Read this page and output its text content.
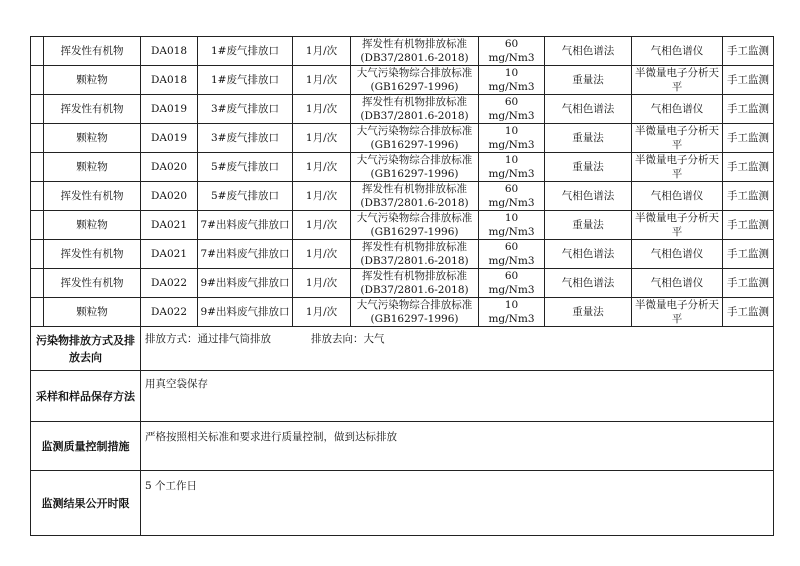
	挥发性有机物	DA018	1#废气排放口	1月/次	挥发性有机物排放标准(DB37/2801.6-2018)	60 mg/Nm3	气相色谱法	气相色谱仪	手工监测
	颗粒物	DA018	1#废气排放口	1月/次	大气污染物综合排放标准(GB16297-1996)	10 mg/Nm3	重量法	半微量电子分析天平	手工监测
	挥发性有机物	DA019	3#废气排放口	1月/次	挥发性有机物排放标准(DB37/2801.6-2018)	60 mg/Nm3	气相色谱法	气相色谱仪	手工监测
	颗粒物	DA019	3#废气排放口	1月/次	大气污染物综合排放标准(GB16297-1996)	10 mg/Nm3	重量法	半微量电子分析天平	手工监测
	颗粒物	DA020	5#废气排放口	1月/次	大气污染物综合排放标准(GB16297-1996)	10 mg/Nm3	重量法	半微量电子分析天平	手工监测
	挥发性有机物	DA020	5#废气排放口	1月/次	挥发性有机物排放标准(DB37/2801.6-2018)	60 mg/Nm3	气相色谱法	气相色谱仪	手工监测
	颗粒物	DA021	7#出料废气排放口	1月/次	大气污染物综合排放标准(GB16297-1996)	10 mg/Nm3	重量法	半微量电子分析天平	手工监测
	挥发性有机物	DA021	7#出料废气排放口	1月/次	挥发性有机物排放标准(DB37/2801.6-2018)	60 mg/Nm3	气相色谱法	气相色谱仪	手工监测
	挥发性有机物	DA022	9#出料废气排放口	1月/次	挥发性有机物排放标准(DB37/2801.6-2018)	60 mg/Nm3	气相色谱法	气相色谱仪	手工监测
	颗粒物	DA022	9#出料废气排放口	1月/次	大气污染物综合排放标准(GB16297-1996)	10 mg/Nm3	重量法	半微量电子分析天平	手工监测
污染物排放方式及排放去向		排放方式：通过排气筒排放 排放去向：大气							
采样和样品保存方法		用真空袋保存							
监测质量控制措施		严格按照相关标准和要求进行质量控制，做到达标排放							
监测结果公开时限		5 个工作日							
